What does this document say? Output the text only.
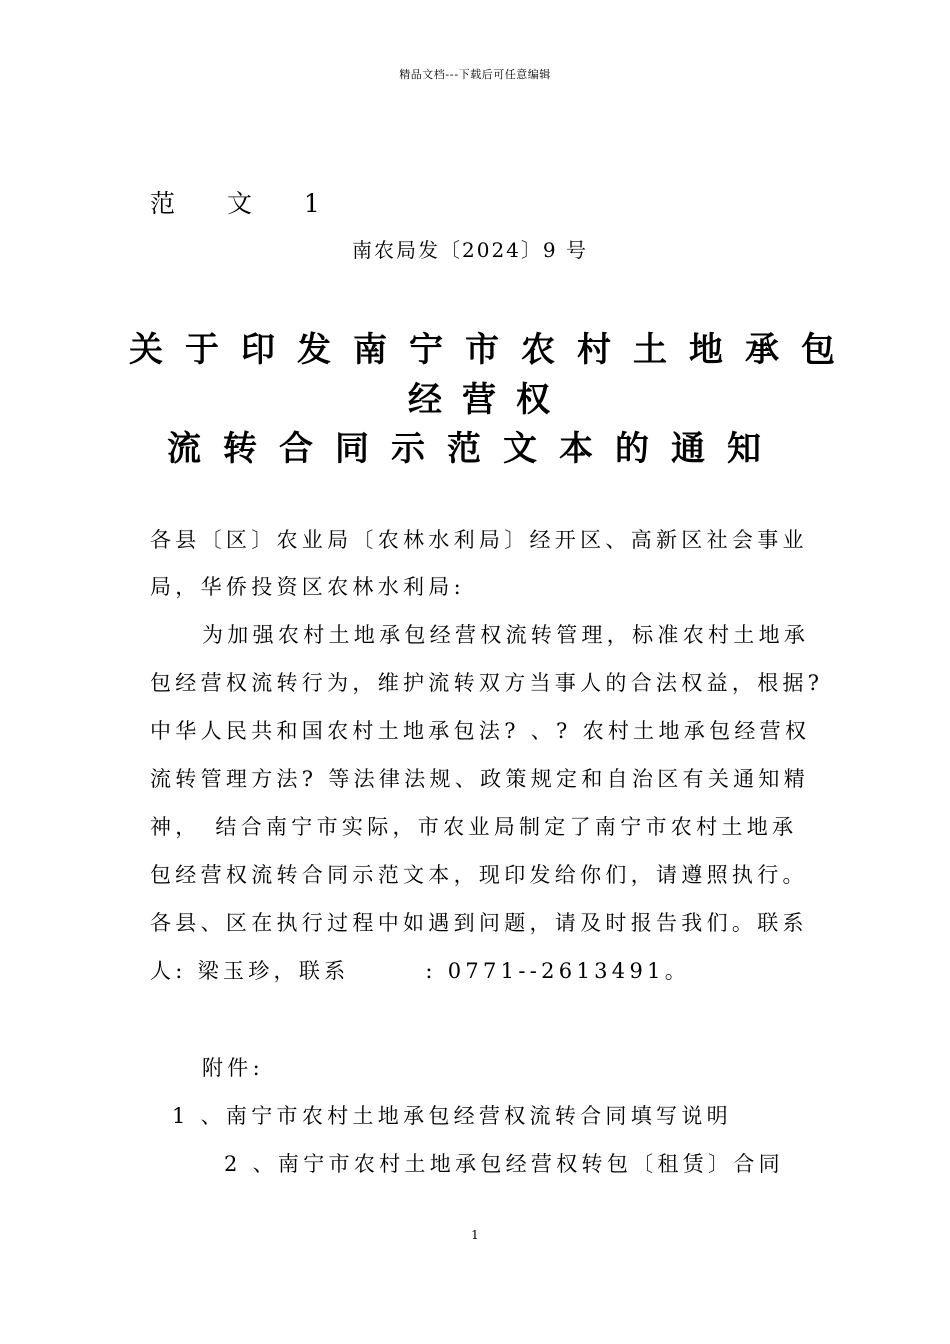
精品文档---下载后可任意编辑
范 文 1
南农局发〔2024〕9 号
关于印发南宁市农村土地承包
经营权
流转合同示范文本的通知
各县〔区〕农业局〔农林水利局〕经开区、高新区社会事业
局，华侨投资区农林水利局:
为加强农村土地承包经营权流转管理，标准农村土地承
包经营权流转行为，维护流转双方当事人的合法权益，根据?
中华人民共和国农村土地承包法? 、? 农村土地承包经营权
流转管理方法? 等法律法规、政策规定和自治区有关通知精
神，　结合南宁市实际，市农业局制定了南宁市农村土地承
包经营权流转合同示范文本，现印发给你们，请遵照执行。
各县、区在执行过程中如遇到问题，请及时报告我们。联系
人: 梁玉珍，联系　　　: 0771--2613491。
附件:
1 、南宁市农村土地承包经营权流转合同填写说明
2 、南宁市农村土地承包经营权转包〔租赁〕合同
1
